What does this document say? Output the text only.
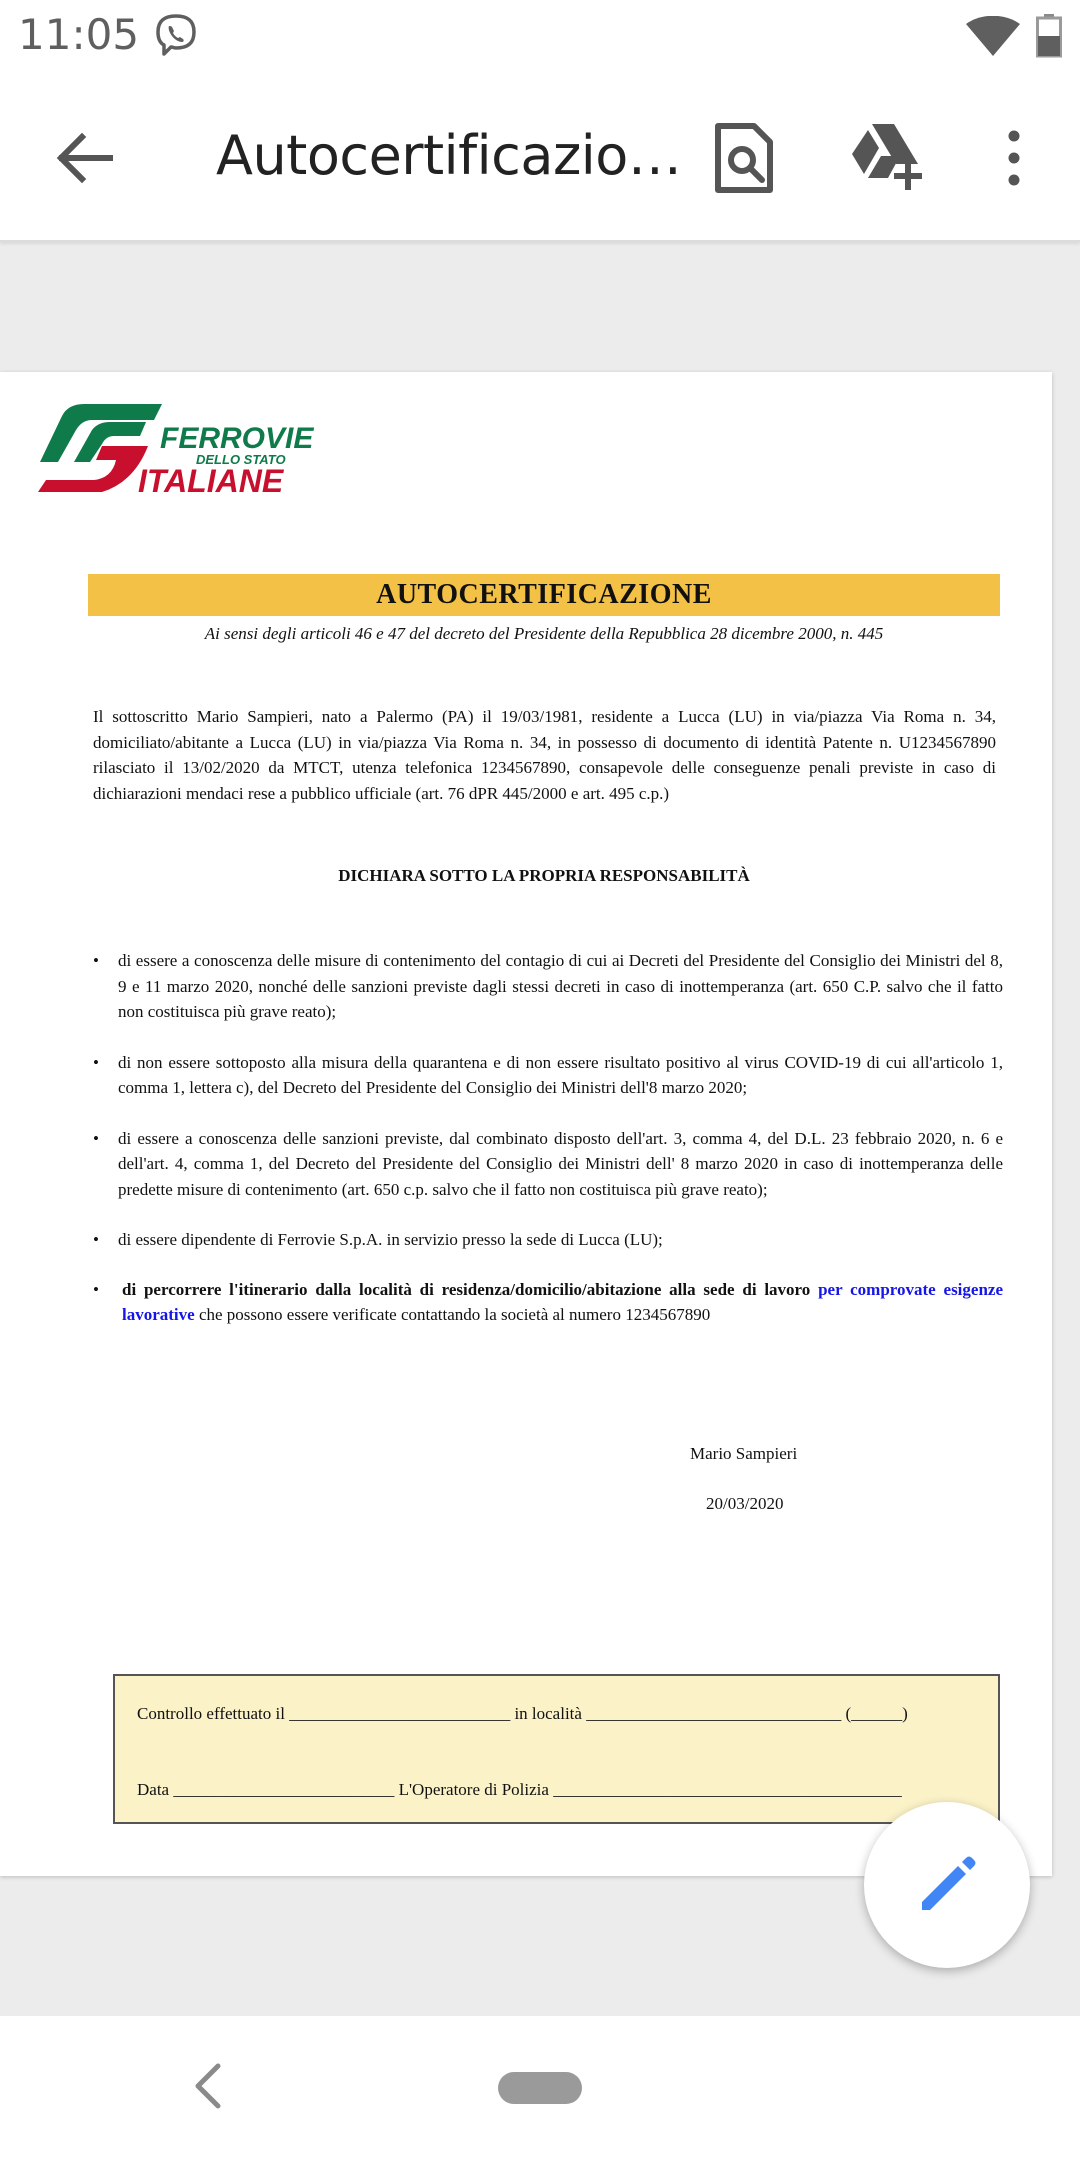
11:05
Autocertificazio…
FERROVIE
DELLO STATO
ITALIANE
AUTOCERTIFICAZIONE
Ai sensi degli articoli 46 e 47 del decreto del Presidente della Repubblica 28 dicembre 2000, n. 445
Il sottoscritto Mario Sampieri, nato a Palermo (PA) il 19/03/1981, residente a Lucca (LU) in via/piazza Via Roma n. 34, domiciliato/abitante a Lucca (LU) in via/piazza Via Roma n. 34, in possesso di documento di identità Patente n. U1234567890 rilasciato il 13/02/2020 da MTCT, utenza telefonica 1234567890, consapevole delle conseguenze penali previste in caso di dichiarazioni mendaci rese a pubblico ufficiale (art. 76 dPR 445/2000 e art. 495 c.p.)
DICHIARA SOTTO LA PROPRIA RESPONSABILITÀ
• di essere a conoscenza delle misure di contenimento del contagio di cui ai Decreti del Presidente del Consiglio dei Ministri del 8, 9 e 11 marzo 2020, nonché delle sanzioni previste dagli stessi decreti in caso di inottemperanza (art. 650 C.P. salvo che il fatto non costituisca più grave reato);
• di non essere sottoposto alla misura della quarantena e di non essere risultato positivo al virus COVID-19 di cui all'articolo 1, comma 1, lettera c), del Decreto del Presidente del Consiglio dei Ministri dell'8 marzo 2020;
• di essere a conoscenza delle sanzioni previste, dal combinato disposto dell'art. 3, comma 4, del D.L. 23 febbraio 2020, n. 6 e dell'art. 4, comma 1, del Decreto del Presidente del Consiglio dei Ministri dell' 8 marzo 2020 in caso di inottemperanza delle predette misure di contenimento (art. 650 c.p. salvo che il fatto non costituisca più grave reato);
• di essere dipendente di Ferrovie S.p.A. in servizio presso la sede di Lucca (LU);
• di percorrere l'itinerario dalla località di residenza/domicilio/abitazione alla sede di lavoro per comprovate esigenze lavorative che possono essere verificate contattando la società al numero 1234567890
Mario Sampieri
20/03/2020
Controllo effettuato il __________________________ in località ______________________________ (______)
Data __________________________ L'Operatore di Polizia _________________________________________
